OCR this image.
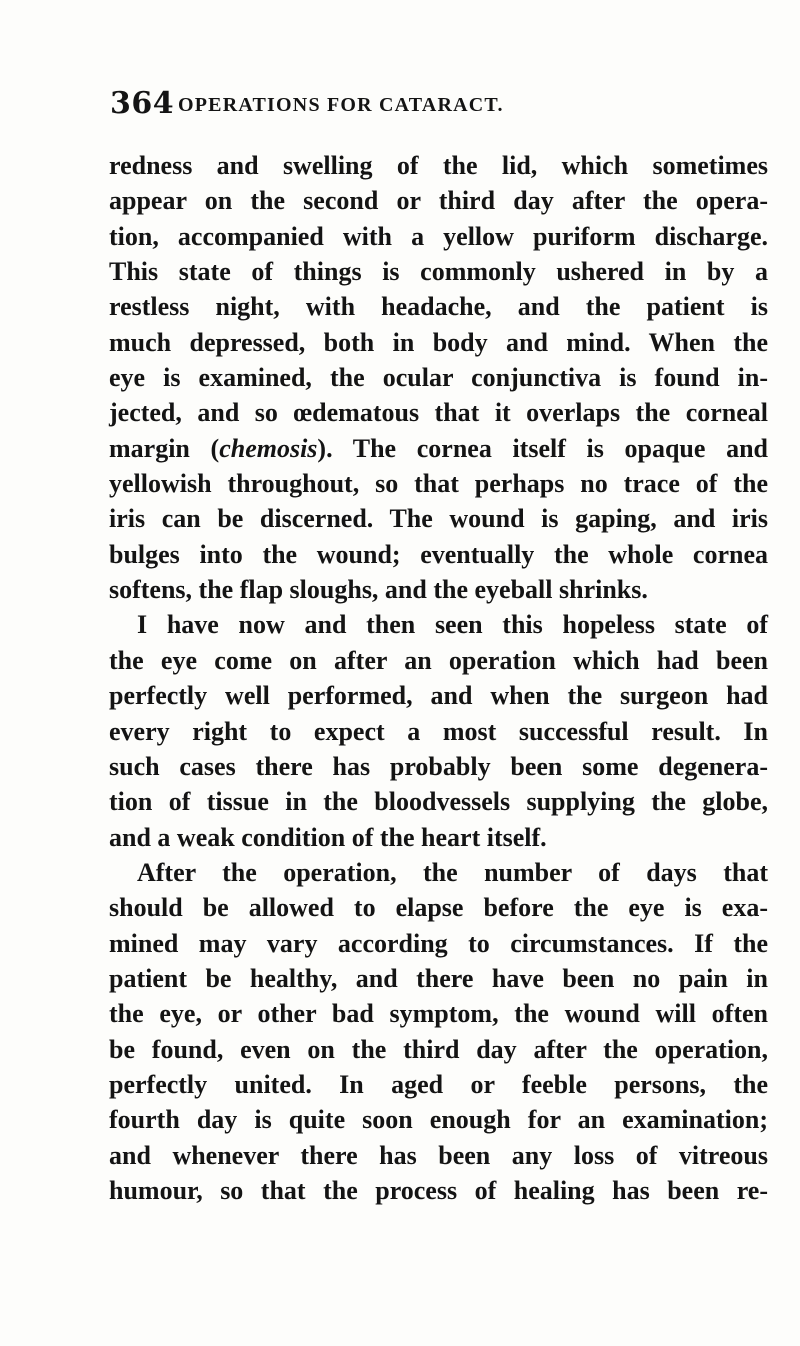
364 OPERATIONS FOR CATARACT.
redness and swelling of the lid, which sometimes
appear on the second or third day after the opera-
tion, accompanied with a yellow puriform discharge.
This state of things is commonly ushered in by a
restless night, with headache, and the patient is
much depressed, both in body and mind. When the
eye is examined, the ocular conjunctiva is found in-
jected, and so œdematous that it overlaps the corneal
margin (chemosis). The cornea itself is opaque and
yellowish throughout, so that perhaps no trace of the
iris can be discerned. The wound is gaping, and iris
bulges into the wound; eventually the whole cornea
softens, the flap sloughs, and the eyeball shrinks.
I have now and then seen this hopeless state of
the eye come on after an operation which had been
perfectly well performed, and when the surgeon had
every right to expect a most successful result. In
such cases there has probably been some degenera-
tion of tissue in the bloodvessels supplying the globe,
and a weak condition of the heart itself.
After the operation, the number of days that
should be allowed to elapse before the eye is exa-
mined may vary according to circumstances. If the
patient be healthy, and there have been no pain in
the eye, or other bad symptom, the wound will often
be found, even on the third day after the operation,
perfectly united. In aged or feeble persons, the
fourth day is quite soon enough for an examination;
and whenever there has been any loss of vitreous
humour, so that the process of healing has been re-
